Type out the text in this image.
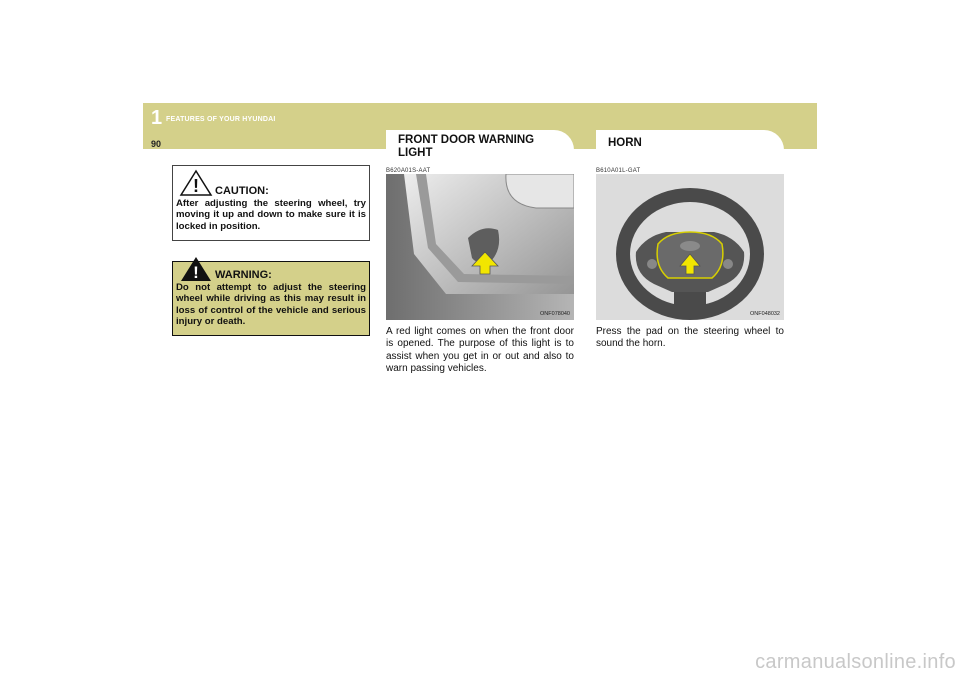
1 FEATURES OF YOUR HYUNDAI
90
! CAUTION:
After adjusting the steering wheel, try moving it up and down to make sure it is locked in position.
! WARNING:
Do not attempt to adjust the steering wheel while driving as this may result in loss of control of the vehicle and serious injury or death.
FRONT DOOR WARNING
LIGHT
B620A01S-AAT
ONF078040
A red light comes on when the front door is opened. The purpose of this light is to assist when you get in or out and also to warn passing vehicles.
HORN
B610A01L-GAT
ONF048032
Press the pad on the steering wheel to sound the horn.
carmanualsonline.info
